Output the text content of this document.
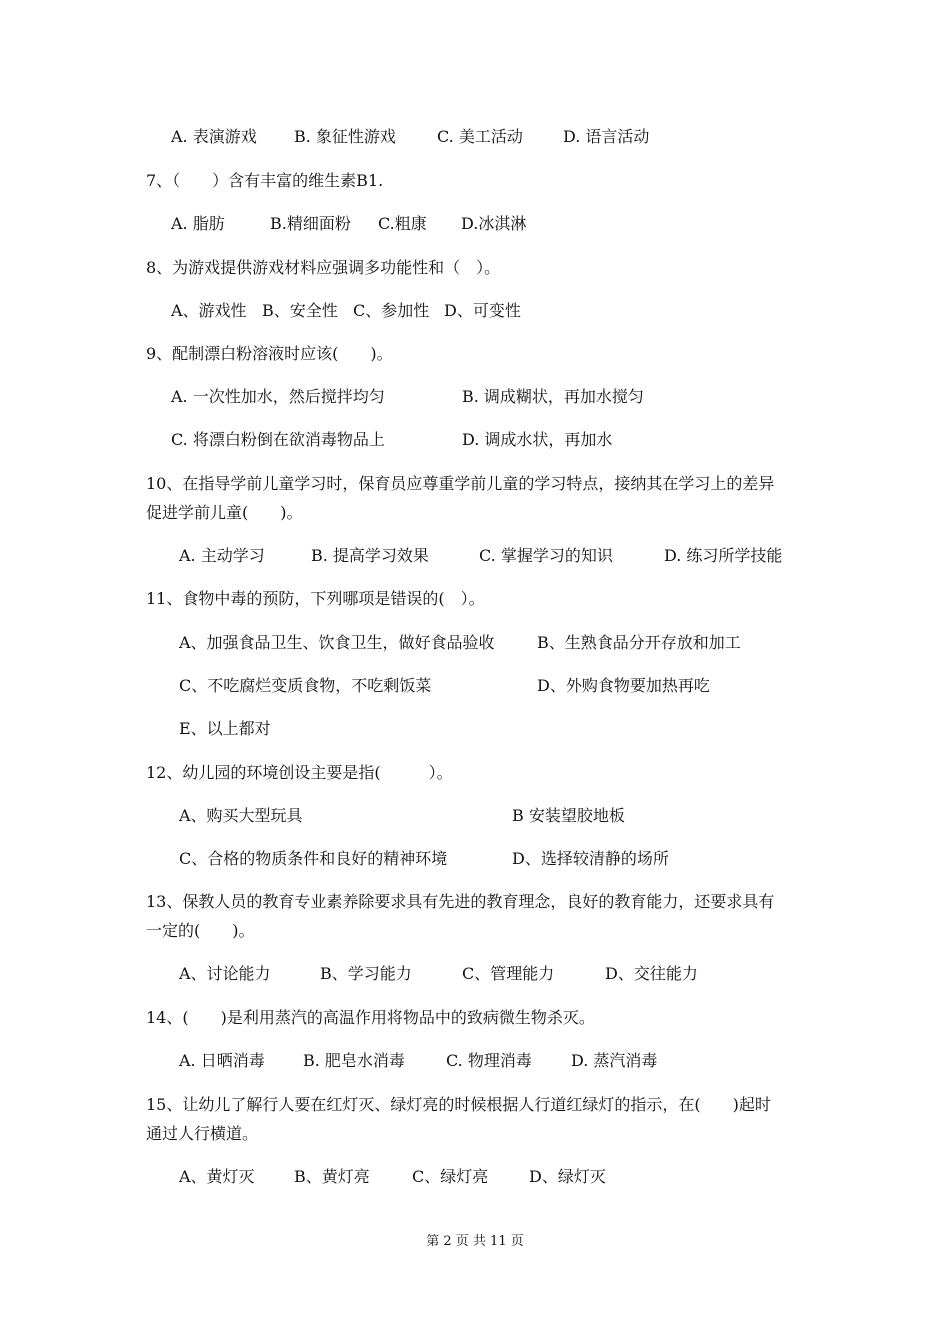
A. 表演游戏 B. 象征性游戏	C. 美工活动	D. 语言活动
7、（　　）含有丰富的维生素B1.
A. 脂肪	B.精细面粉 C.粗康 D.冰淇淋
8、为游戏提供游戏材料应强调多功能性和（　）。
A、游戏性 B、安全性 C、参加性 D、可变性
9、配制漂白粉溶液时应该(　　)。
A. 一次性加水，然后搅拌均匀	B. 调成糊状，再加水搅匀
C. 将漂白粉倒在欲消毒物品上	D. 调成水状，再加水
10、在指导学前儿童学习时，保育员应尊重学前儿童的学习特点，接纳其在学习上的差异
促进学前儿童(　　)。
A. 主动学习	B. 提高学习效果	C. 掌握学习的知识	D. 练习所学技能
11、食物中毒的预防，下列哪项是错误的(　）。
A、加强食品卫生、饮食卫生，做好食品验收	B、生熟食品分开存放和加工
C、不吃腐烂变质食物，不吃剩饭菜	D、外购食物要加热再吃
E、以上都对
12、幼儿园的环境创设主要是指(　　　）。
A、购买大型玩具	B 安装望胶地板
C、合格的物质条件和良好的精神环境	D、选择较清静的场所
13、保教人员的教育专业素养除要求具有先进的教育理念，良好的教育能力，还要求具有
一定的(　　)。
A、讨论能力	B、学习能力	C、管理能力	D、交往能力
14、(　　)是利用蒸汽的高温作用将物品中的致病微生物杀灭。
A. 日晒消毒 B. 肥皂水消毒	C. 物理消毒 D. 蒸汽消毒
15、让幼儿了解行人要在红灯灭、绿灯亮的时候根据人行道红绿灯的指示，在(　　)起时
通过人行横道。
A、黄灯灭 B、黄灯亮	C、绿灯亮	D、绿灯灭
第 2 页 共 11 页
